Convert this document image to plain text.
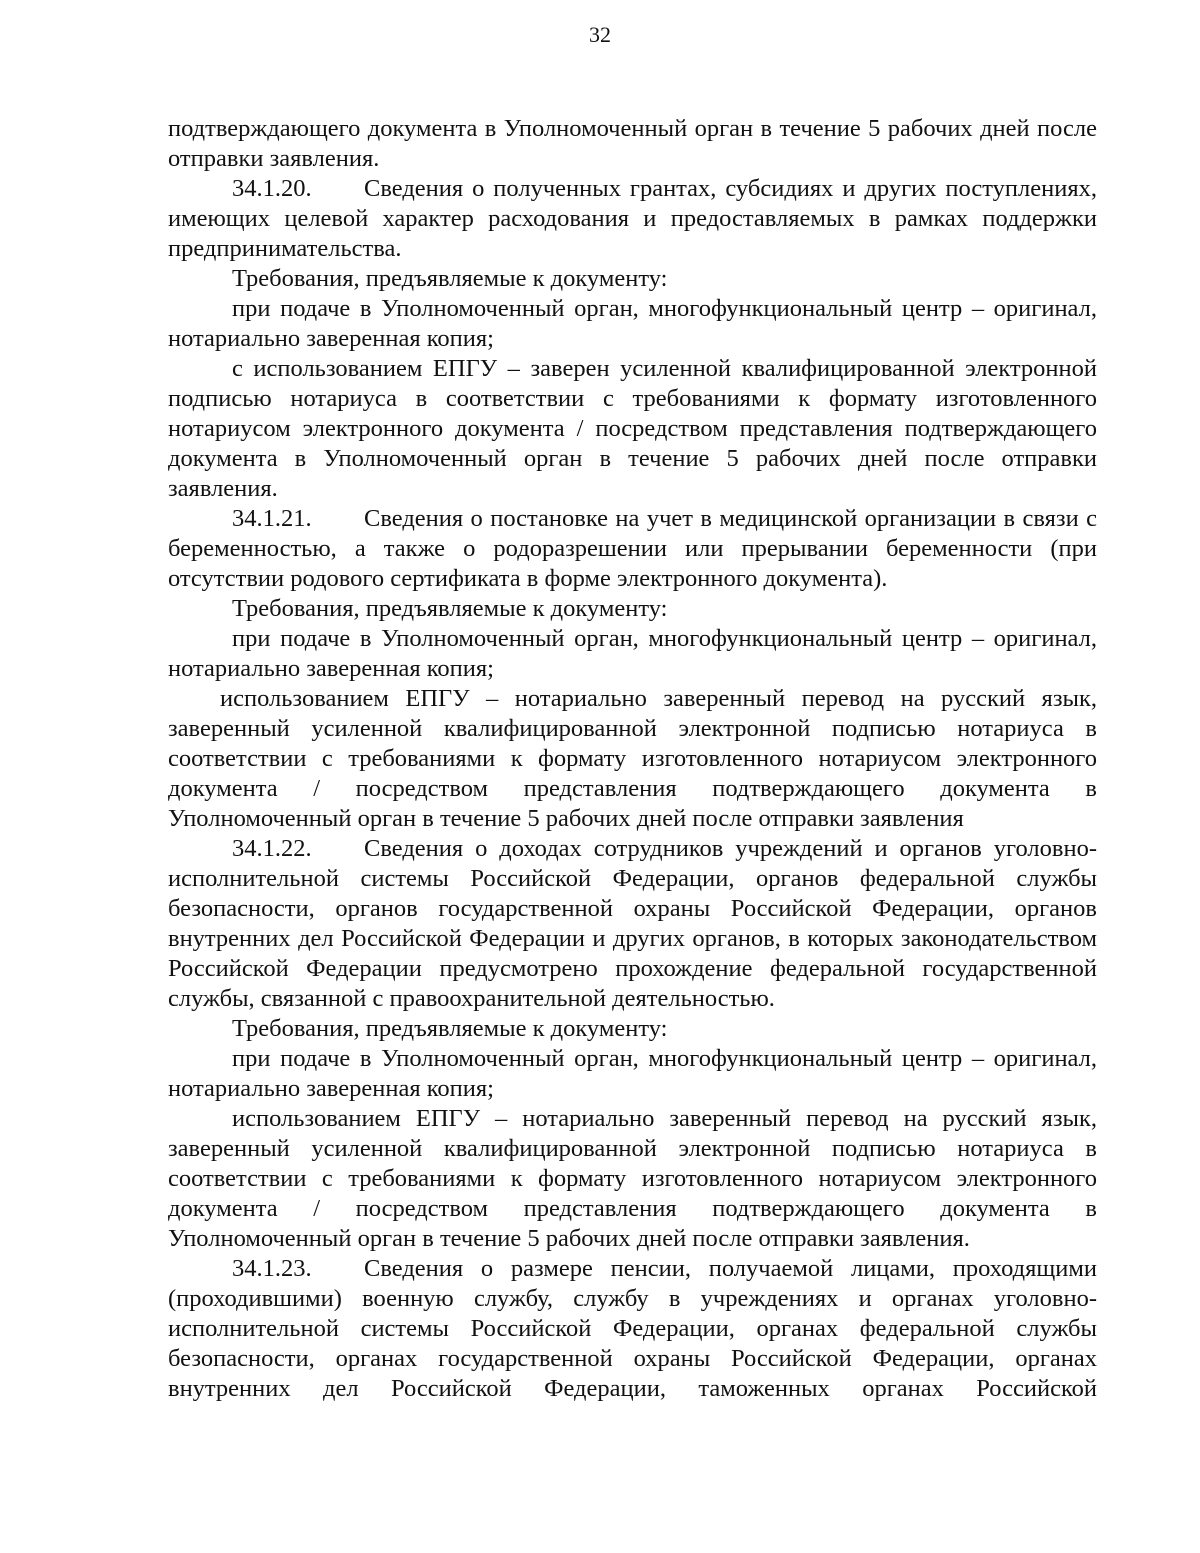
32

подтверждающего документа в Уполномоченный орган в течение 5 рабочих дней после отправки заявления.

34.1.20. Сведения о полученных грантах, субсидиях и других поступлениях, имеющих целевой характер расходования и предоставляемых в рамках поддержки предпринимательства.

Требования, предъявляемые к документу:

при подаче в Уполномоченный орган, многофункциональный центр – оригинал, нотариально заверенная копия;

с использованием ЕПГУ – заверен усиленной квалифицированной электронной подписью нотариуса в соответствии с требованиями к формату изготовленного нотариусом электронного документа / посредством представления подтверждающего документа в Уполномоченный орган в течение 5 рабочих дней после отправки заявления.

34.1.21. Сведения о постановке на учет в медицинской организации в связи с беременностью, а также о родоразрешении или прерывании беременности (при отсутствии родового сертификата в форме электронного документа).

Требования, предъявляемые к документу:

при подаче в Уполномоченный орган, многофункциональный центр – оригинал, нотариально заверенная копия;

использованием ЕПГУ – нотариально заверенный перевод на русский язык, заверенный усиленной квалифицированной электронной подписью нотариуса в соответствии с требованиями к формату изготовленного нотариусом электронного документа / посредством представления подтверждающего документа в Уполномоченный орган в течение 5 рабочих дней после отправки заявления

34.1.22. Сведения о доходах сотрудников учреждений и органов уголовно-исполнительной системы Российской Федерации, органов федеральной службы безопасности, органов государственной охраны Российской Федерации, органов внутренних дел Российской Федерации и других органов, в которых законодательством Российской Федерации предусмотрено прохождение федеральной государственной службы, связанной с правоохранительной деятельностью.

Требования, предъявляемые к документу:

при подаче в Уполномоченный орган, многофункциональный центр – оригинал, нотариально заверенная копия;

использованием ЕПГУ – нотариально заверенный перевод на русский язык, заверенный усиленной квалифицированной электронной подписью нотариуса в соответствии с требованиями к формату изготовленного нотариусом электронного документа / посредством представления подтверждающего документа в Уполномоченный орган в течение 5 рабочих дней после отправки заявления.

34.1.23. Сведения о размере пенсии, получаемой лицами, проходящими (проходившими) военную службу, службу в учреждениях и органах уголовно-исполнительной системы Российской Федерации, органах федеральной службы безопасности, органах государственной охраны Российской Федерации, органах внутренних дел Российской Федерации, таможенных органах Российской
